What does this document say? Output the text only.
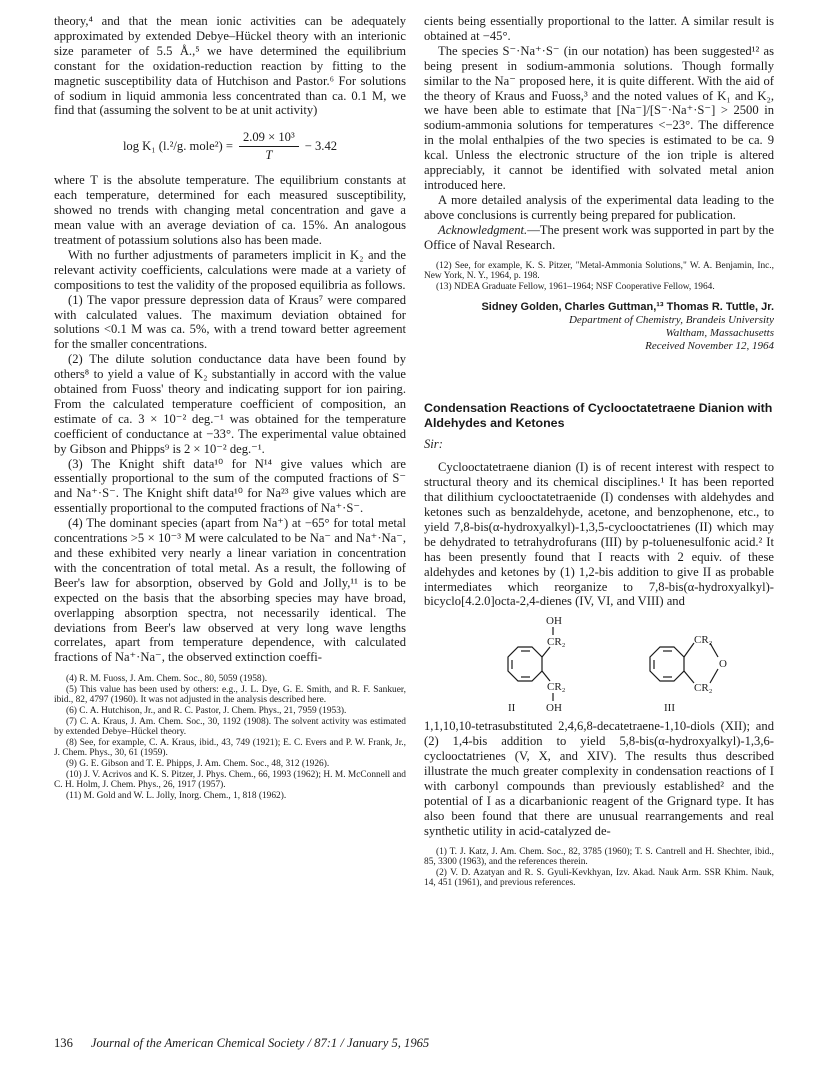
theory,⁴ and that the mean ionic activities can be adequately approximated by extended Debye–Hückel theory with an interionic size parameter of 5.5 Å.,⁵ we have determined the equilibrium constant for the oxidation-reduction reaction by fitting to the magnetic susceptibility data of Hutchison and Pastor.⁶ For solutions of sodium in liquid ammonia less concentrated than ca. 0.1 M, we find that (assuming the solvent to be at unit activity)

log K₁ (l.²/g. mole²) = $\frac{\text{2.09 × 10³}}{T} - 3.42$

where T is the absolute temperature. The equilibrium constants at each temperature, determined for each measured susceptibility, showed no trends with changing metal concentration and gave a mean value with an average deviation of ca. 15%. An analogous treatment of potassium solutions also has been made.

With no further adjustments of parameters implicit in K₂ and the relevant activity coefficients, calculations were made at a variety of compositions to test the validity of the proposed equilibria as follows.

(1) The vapor pressure depression data of Kraus⁷ were compared with calculated values. The maximum deviation obtained for solutions <0.1 M was ca. 5%, with a trend toward better agreement for the smaller concentrations.

(2) The dilute solution conductance data have been found by others⁸ to yield a value of K₂ substantially in accord with the value obtained from Fuoss' theory and indicating support for ion pairing. From the calculated temperature coefficient of composition, an estimate of ca. 3 × 10⁻² deg.⁻¹ was obtained for the temperature coefficient of conductance at −33°. The experimental value obtained by Gibson and Phipps⁹ is 2 × 10⁻² deg.⁻¹.

(3) The Knight shift data¹⁰ for N¹⁴ give values which are essentially proportional to the sum of the computed fractions of S⁻ and Na⁺·S⁻. The Knight shift data¹⁰ for Na²³ give values which are essentially proportional to the computed fractions of Na⁺·S⁻.

(4) The dominant species (apart from Na⁺) at −65° for total metal concentrations >5 × 10⁻³ M were calculated to be Na⁻ and Na⁺·Na⁻, and these exhibited very nearly a linear variation in concentration with the concentration of total metal. As a result, the following of Beer's law for absorption, observed by Gold and Jolly,¹¹ is to be expected on the basis that the absorbing species may have broad, overlapping absorption spectra, not necessarily identical. The deviations from Beer's law observed at very long wave lengths correlates, apart from temperature dependence, with calculated fractions of Na⁺·Na⁻, the observed extinction coeffi-

(4) R. M. Fuoss, J. Am. Chem. Soc., 80, 5059 (1958).

(5) This value has been used by others: e.g., J. L. Dye, G. E. Smith, and R. F. Sankuer, ibid., 82, 4797 (1960). It was not adjusted in the analysis described here.

(6) C. A. Hutchison, Jr., and R. C. Pastor, J. Chem. Phys., 21, 7959 (1953).

(7) C. A. Kraus, J. Am. Chem. Soc., 30, 1192 (1908). The solvent activity was estimated by extended Debye–Hückel theory.

(8) See, for example, C. A. Kraus, ibid., 43, 749 (1921); E. C. Evers and P. W. Frank, Jr., J. Chem. Phys., 30, 61 (1959).

(9) G. E. Gibson and T. E. Phipps, J. Am. Chem. Soc., 48, 312 (1926).

(10) J. V. Acrivos and K. S. Pitzer, J. Phys. Chem., 66, 1993 (1962); H. M. McConnell and C. H. Holm, J. Chem. Phys., 26, 1917 (1957).

(11) M. Gold and W. L. Jolly, Inorg. Chem., 1, 818 (1962).

cients being essentially proportional to the latter. A similar result is obtained at −45°.

The species S⁻·Na⁺·S⁻ (in our notation) has been suggested¹² as being present in sodium-ammonia solutions. Though formally similar to the Na⁻ proposed here, it is quite different. With the aid of the theory of Kraus and Fuoss,³ and the noted values of K₁ and K₂, we have been able to estimate that [Na⁻]/[S⁻·Na⁺·S⁻] > 2500 in sodium-ammonia solutions for temperatures <−23°. The difference in the molal enthalpies of the two species is estimated to be ca. 9 kcal. Unless the electronic structure of the ion triple is altered appreciably, it cannot be identified with solvated metal anion introduced here.

A more detailed analysis of the experimental data leading to the above conclusions is currently being prepared for publication.

Acknowledgment.—The present work was supported in part by the Office of Naval Research.

(12) See, for example, K. S. Pitzer, "Metal-Ammonia Solutions," W. A. Benjamin, Inc., New York, N. Y., 1964, p. 198.

(13) NDEA Graduate Fellow, 1961–1964; NSF Cooperative Fellow, 1964.

Sidney Golden, Charles Guttman,¹³ Thomas R. Tuttle, Jr.
Department of Chemistry, Brandeis University
Waltham, Massachusetts
Received November 12, 1964
Condensation Reactions of Cyclooctatetraene Dianion with Aldehydes and Ketones
Sir:

Cyclooctatetraene dianion (I) is of recent interest with respect to structural theory and its chemical disciplines.¹ It has been reported that dilithium cyclooctatetraenide (I) condenses with aldehydes and ketones such as benzaldehyde, acetone, and benzophenone, etc., to yield 7,8-bis(α-hydroxyalkyl)-1,3,5-cyclooctatrienes (II) which may be dehydrated to tetrahydrofurans (III) by p-toluenesulfonic acid.² It has been presently found that I reacts with 2 equiv. of these aldehydes and ketones by (1) 1,2-bis addition to give II as probable intermediates which reorganize to 7,8-bis(α-hydroxyalkyl)-bicyclo[4.2.0]octa-2,4-dienes (IV, VI, and VIII) and

OH
CR₂
CR₂
OH
II
CR₂
O
CR₂
III

1,1,10,10-tetrasubstituted 2,4,6,8-decatetraene-1,10-diols (XII); and (2) 1,4-bis addition to yield 5,8-bis(α-hydroxyalkyl)-1,3,6-cyclooctatrienes (V, X, and XIV). The results thus described illustrate the much greater complexity in condensation reactions of I with carbonyl compounds than previously established² and the potential of I as a dicarbanionic reagent of the Grignard type. It has also been found that there are unusual rearrangements and real synthetic utility in acid-catalyzed de-

(1) T. J. Katz, J. Am. Chem. Soc., 82, 3785 (1960); T. S. Cantrell and H. Shechter, ibid., 85, 3300 (1963), and the references therein.

(2) V. D. Azatyan and R. S. Gyuli-Kevkhyan, Izv. Akad. Nauk Arm. SSR Khim. Nauk, 14, 451 (1961), and previous references.

136 Journal of the American Chemical Society / 87:1 / January 5, 1965
